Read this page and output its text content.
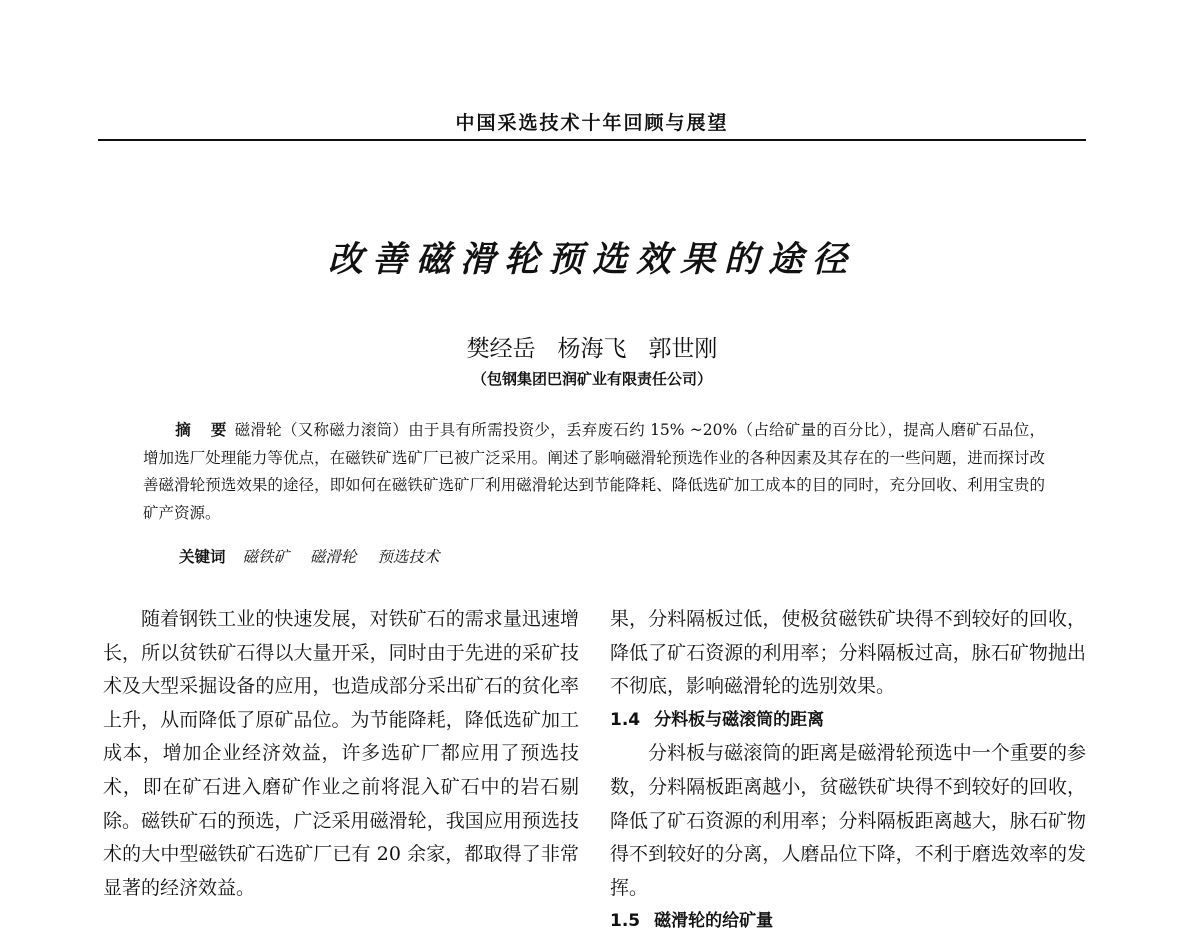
中国采选技术十年回顾与展望
改善磁滑轮预选效果的途径
樊经岳   杨海飞   郭世刚
（包钢集团巴润矿业有限责任公司）
摘　要 磁滑轮（又称磁力滚筒）由于具有所需投资少，丢弃废石约 15% ~20%（占给矿量的百分比），提高人磨矿石品位，增加选厂处理能力等优点，在磁铁矿选矿厂已被广泛采用。阐述了影响磁滑轮预选作业的各种因素及其存在的一些问题，进而探讨改善磁滑轮预选效果的途径，即如何在磁铁矿选矿厂利用磁滑轮达到节能降耗、降低选矿加工成本的目的同时，充分回收、利用宝贵的矿产资源。
关键词 磁铁矿 磁滑轮 预选技术

随着钢铁工业的快速发展，对铁矿石的需求量迅速增长，所以贫铁矿石得以大量开采，同时由于先进的采矿技术及大型采掘设备的应用，也造成部分采出矿石的贫化率上升，从而降低了原矿品位。为节能降耗，降低选矿加工成本，增加企业经济效益，许多选矿厂都应用了预选技术，即在矿石进入磨矿作业之前将混入矿石中的岩石剔除。磁铁矿石的预选，广泛采用磁滑轮，我国应用预选技术的大中型磁铁矿石选矿厂已有 20 余家，都取得了非常显著的经济效益。

果，分料隔板过低，使极贫磁铁矿块得不到较好的回收，降低了矿石资源的利用率；分料隔板过高，脉石矿物抛出不彻底，影响磁滑轮的选别效果。

1.4 分料板与磁滚筒的距离

分料板与磁滚筒的距离是磁滑轮预选中一个重要的参数，分料隔板距离越小，贫磁铁矿块得不到较好的回收，降低了矿石资源的利用率；分料隔板距离越大，脉石矿物得不到较好的分离，人磨品位下降，不利于磨选效率的发挥。

1.5 磁滑轮的给矿量
